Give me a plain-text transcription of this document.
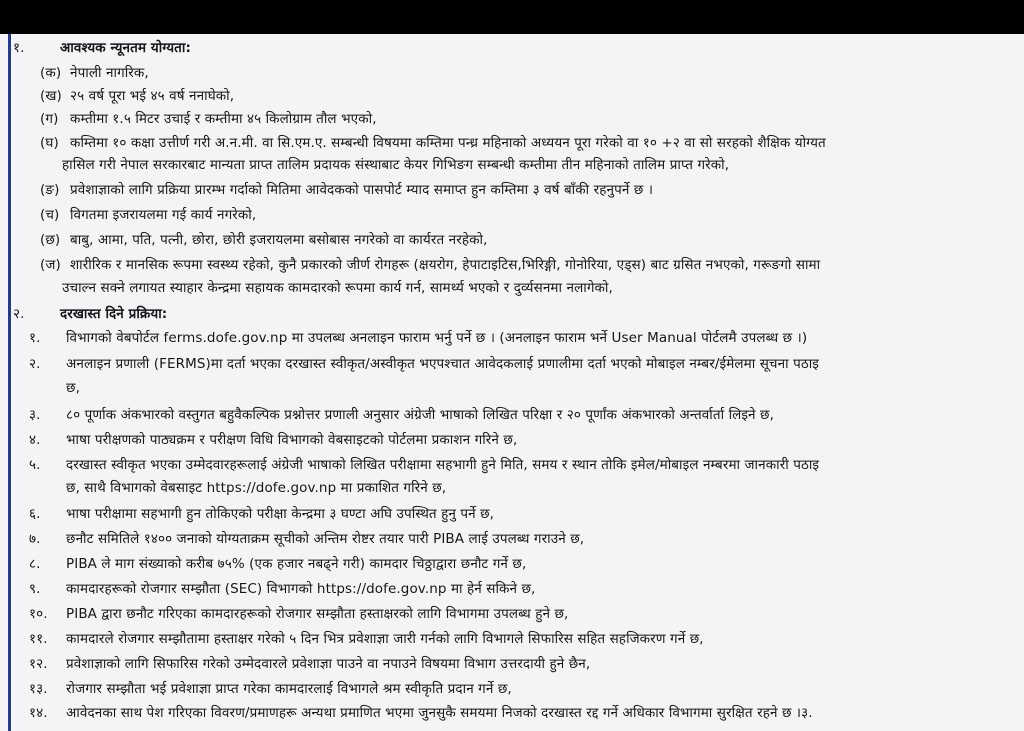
१.	आवश्यक न्यूनतम योग्यता:
(क) नेपाली नागरिक,
(ख) २५ वर्ष पूरा भई ४५ वर्ष ननाघेको,
(ग) कम्तीमा १.५ मिटर उचाई र कम्तीमा ४५ किलोग्राम तौल भएको,
(घ) कम्तिमा १० कक्षा उत्तीर्ण गरी अ.न.मी. वा सि.एम.ए. सम्बन्धी विषयमा कम्तिमा पन्ध्र महिनाको अध्ययन पूरा गरेको वा १० +२ वा सो सरहको शैक्षिक योग्यत
हासिल गरी नेपाल सरकारबाट मान्यता प्राप्त तालिम प्रदायक संस्थाबाट केयर गिभिङग सम्बन्धी कम्तीमा तीन महिनाको तालिम प्राप्त गरेको,
(ङ) प्रवेशाज्ञाको लागि प्रक्रिया प्रारम्भ गर्दाको मितिमा आवेदकको पासपोर्ट म्याद समाप्त हुन कम्तिमा ३ वर्ष बाँकी रहनुपर्ने छ ।
(च) विगतमा इजरायलमा गई कार्य नगरेको,
(छ) बाबु, आमा, पति, पत्नी, छोरा, छोरी इजरायलमा बसोबास नगरेको वा कार्यरत नरहेको,
(ज) शारीरिक र मानसिक रूपमा स्वस्थ्य रहेको, कुनै प्रकारको जीर्ण रोगहरू (क्षयरोग, हेपाटाइटिस,भिरिङ्गी, गोनोरिया, एड्स) बाट ग्रसित नभएको, गरूङगो सामा
उचाल्न सक्ने लगायत स्याहार केन्द्रमा सहायक कामदारको रूपमा कार्य गर्न, सामर्थ्य भएको र दुर्व्यसनमा नलागेको,
२.	दरखास्त दिने प्रक्रिया:
१. विभागको वेबपोर्टल ferms.dofe.gov.np मा उपलब्ध अनलाइन फाराम भर्नु पर्ने छ । (अनलाइन फाराम भर्ने User Manual पोर्टलमै उपलब्ध छ ।)
२. अनलाइन प्रणाली (FERMS)मा दर्ता भएका दरखास्त स्वीकृत/अस्वीकृत भएपश्चात आवेदकलाई प्रणालीमा दर्ता भएको मोबाइल नम्बर/ईमेलमा सूचना पठाइ
छ,
३. ८० पूर्णाक अंकभारको वस्तुगत बहुवैकल्पिक प्रश्नोत्तर प्रणाली अनुसार अंग्रेजी भाषाको लिखित परिक्षा र २० पूर्णांक अंकभारको अन्तर्वार्ता लिइने छ,
४. भाषा परीक्षणको पाठ्यक्रम र परीक्षण विधि विभागको वेबसाइटको पोर्टलमा प्रकाशन गरिने छ,
५. दरखास्त स्वीकृत भएका उम्मेदवारहरूलाई अंग्रेजी भाषाको लिखित परीक्षामा सहभागी हुने मिति, समय र स्थान तोकि इमेल/मोबाइल नम्बरमा जानकारी पठाइ
छ, साथै विभागको वेबसाइट https://dofe.gov.np मा प्रकाशित गरिने छ,
६. भाषा परीक्षामा सहभागी हुन तोकिएको परीक्षा केन्द्रमा ३ घण्टा अघि उपस्थित हुनु पर्ने छ,
७. छनौट समितिले १४०० जनाको योग्यताक्रम सूचीको अन्तिम रोष्टर तयार पारी PIBA लाई उपलब्ध गराउने छ,
८. PIBA ले माग संख्याको करीब ७५% (एक हजार नबढ्ने गरी) कामदार चिठ्ठाद्वारा छनौट गर्ने छ,
९. कामदारहरूको रोजगार सम्झौता (SEC) विभागको https://dofe.gov.np मा हेर्न सकिने छ,
१०. PIBA द्वारा छनौट गरिएका कामदारहरूको रोजगार सम्झौता हस्ताक्षरको लागि विभागमा उपलब्ध हुने छ,
११. कामदारले रोजगार सम्झौतामा हस्ताक्षर गरेको ५ दिन भित्र प्रवेशाज्ञा जारी गर्नको लागि विभागले सिफारिस सहित सहजिकरण गर्ने छ,
१२. प्रवेशाज्ञाको लागि सिफारिस गरेको उम्मेदवारले प्रवेशाज्ञा पाउने वा नपाउने विषयमा विभाग उत्तरदायी हुने छैन,
१३. रोजगार सम्झौता भई प्रवेशाज्ञा प्राप्त गरेका कामदारलाई विभागले श्रम स्वीकृति प्रदान गर्ने छ,
१४. आवेदनका साथ पेश गरिएका विवरण/प्रमाणहरू अन्यथा प्रमाणित भएमा जुनसुकै समयमा निजको दरखास्त रद्द गर्ने अधिकार विभागमा सुरक्षित रहने छ ।३.
